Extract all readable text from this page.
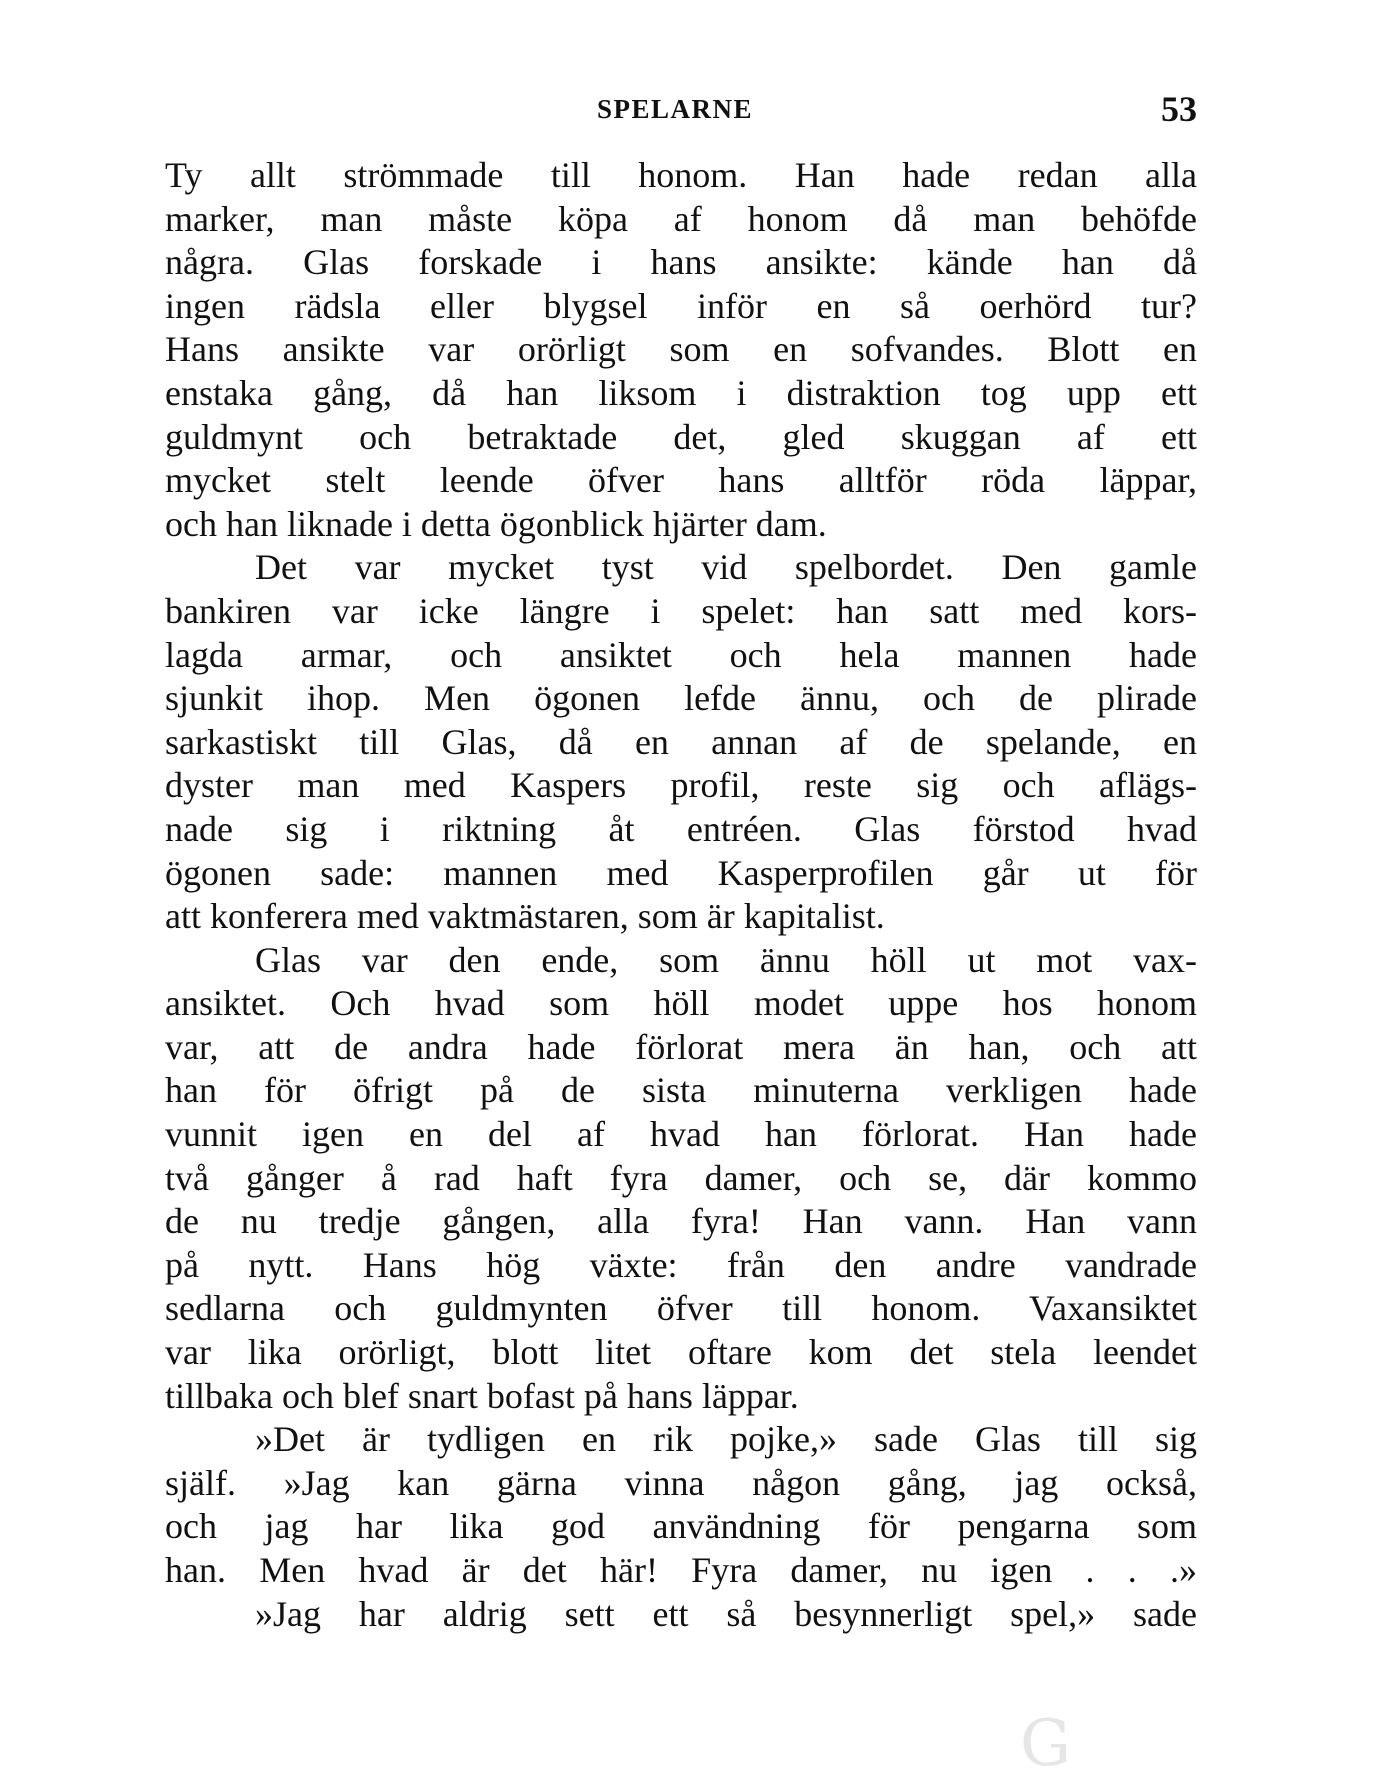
SPELARNE	53
Ty allt strömmade till honom. Han hade redan alla
marker, man måste köpa af honom då man behöfde
några. Glas forskade i hans ansikte: kände han då
ingen rädsla eller blygsel inför en så oerhörd tur?
Hans ansikte var orörligt som en sofvandes. Blott en
enstaka gång, då han liksom i distraktion tog upp ett
guldmynt och betraktade det, gled skuggan af ett
mycket stelt leende öfver hans alltför röda läppar,
och han liknade i detta ögonblick hjärter dam.
Det var mycket tyst vid spelbordet. Den gamle
bankiren var icke längre i spelet: han satt med kors-
lagda armar, och ansiktet och hela mannen hade
sjunkit ihop. Men ögonen lefde ännu, och de plirade
sarkastiskt till Glas, då en annan af de spelande, en
dyster man med Kaspers profil, reste sig och aflägs-
nade sig i riktning åt entréen. Glas förstod hvad
ögonen sade: mannen med Kasperprofilen går ut för
att konferera med vaktmästaren, som är kapitalist.
Glas var den ende, som ännu höll ut mot vax-
ansiktet. Och hvad som höll modet uppe hos honom
var, att de andra hade förlorat mera än han, och att
han för öfrigt på de sista minuterna verkligen hade
vunnit igen en del af hvad han förlorat. Han hade
två gånger å rad haft fyra damer, och se, där kommo
de nu tredje gången, alla fyra! Han vann. Han vann
på nytt. Hans hög växte: från den andre vandrade
sedlarna och guldmynten öfver till honom. Vaxansiktet
var lika orörligt, blott litet oftare kom det stela leendet
tillbaka och blef snart bofast på hans läppar.
»Det är tydligen en rik pojke,» sade Glas till sig
själf. »Jag kan gärna vinna någon gång, jag också,
och jag har lika god användning för pengarna som
han. Men hvad är det här! Fyra damer, nu igen . . .»
»Jag har aldrig sett ett så besynnerligt spel,» sade
G
